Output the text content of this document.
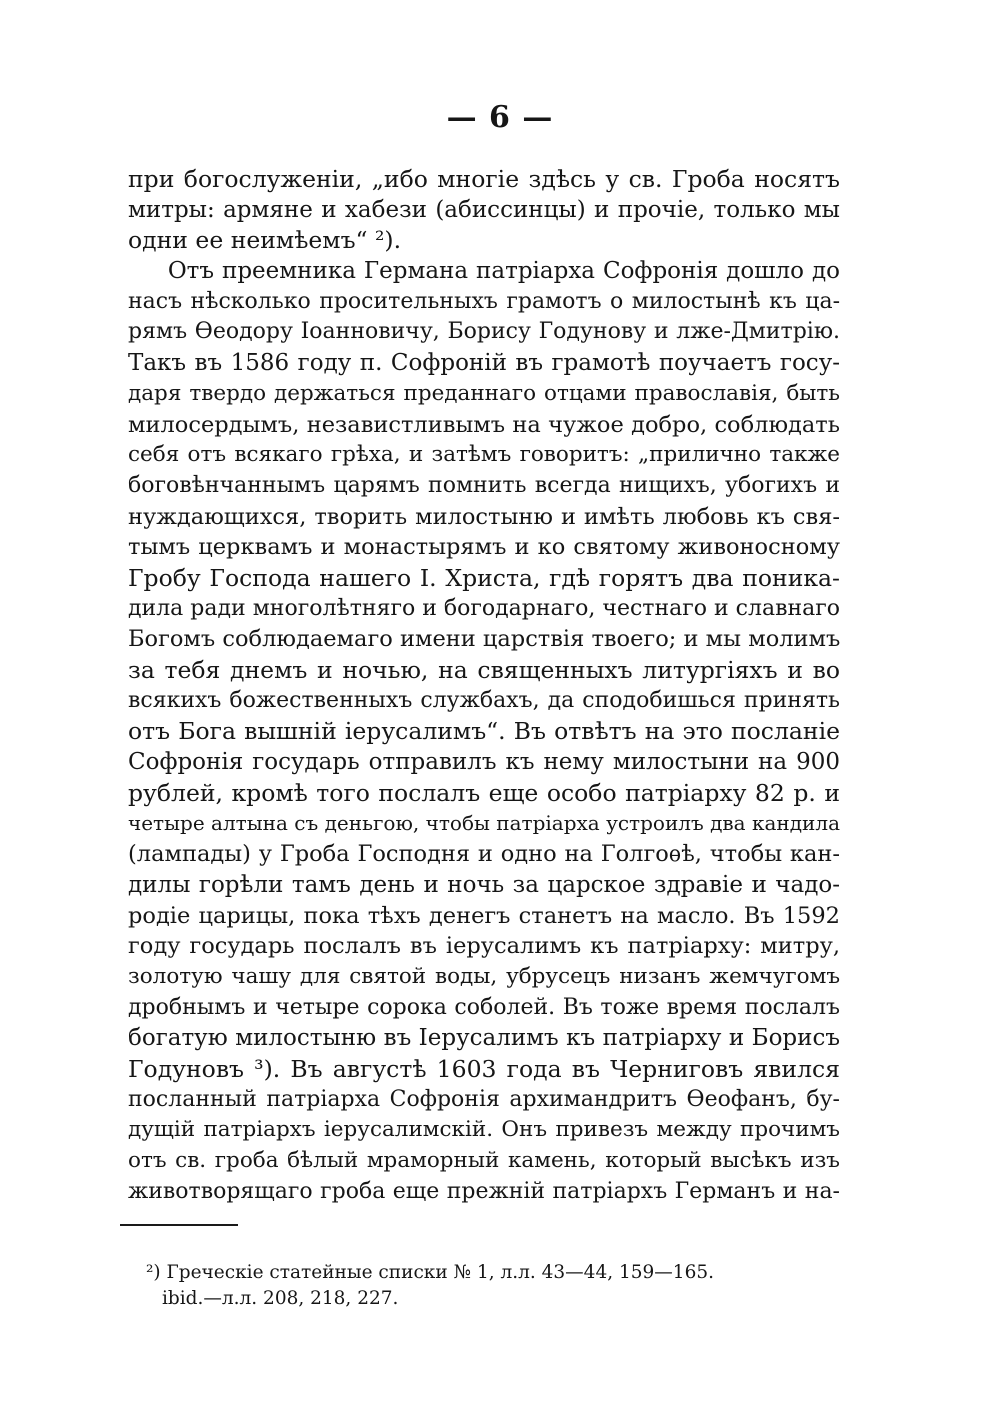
— 6 —
при богослуженіи, „ибо многіе здѣсь у св. Гроба носятъ
митры: армяне и хабези (абиссинцы) и прочіе, только мы
одни ее неимѣемъ“ ²).
Отъ преемника Германа патріарха Софронія дошло до
насъ нѣсколько просительныхъ грамотъ о милостынѣ къ ца-
рямъ Ѳеодору Іоанновичу, Борису Годунову и лже-Дмитрію.
Такъ въ 1586 году п. Софроній въ грамотѣ поучаетъ госу-
даря твердо держаться преданнаго отцами православія, быть
милосердымъ, независтливымъ на чужое добро, соблюдать
себя отъ всякаго грѣха, и затѣмъ говоритъ: „прилично также
боговѣнчаннымъ царямъ помнить всегда нищихъ, убогихъ и
нуждающихся, творить милостыню и имѣть любовь къ свя-
тымъ церквамъ и монастырямъ и ко святому живоносному
Гробу Господа нашего І. Христа, гдѣ горятъ два поника-
дила ради многолѣтняго и богодарнаго, честнаго и славнаго
Богомъ соблюдаемаго имени царствія твоего; и мы молимъ
за тебя днемъ и ночью, на священныхъ литургіяхъ и во
всякихъ божественныхъ службахъ, да сподобишься принять
отъ Бога вышній іерусалимъ“. Въ отвѣтъ на это посланіе
Софронія государь отправилъ къ нему милостыни на 900
рублей, кромѣ того послалъ еще особо патріарху 82 р. и
четыре алтына съ деньгою, чтобы патріарха устроилъ два кандила
(лампады) у Гроба Господня и одно на Голгоѳѣ, чтобы кан-
дилы горѣли тамъ день и ночь за царское здравіе и чадо-
родіе царицы, пока тѣхъ денегъ станетъ на масло. Въ 1592
году государь послалъ въ іерусалимъ къ патріарху: митру,
золотую чашу для святой воды, убрусецъ низанъ жемчугомъ
дробнымъ и четыре сорока соболей. Въ тоже время послалъ
богатую милостыню въ Іерусалимъ къ патріарху и Борисъ
Годуновъ ³). Въ августѣ 1603 года въ Черниговъ явился
посланный патріарха Софронія архимандритъ Ѳеофанъ, бу-
дущій патріархъ іерусалимскій. Онъ привезъ между прочимъ
отъ св. гроба бѣлый мраморный камень, который высѣкъ изъ
животворящаго гроба еще прежній патріархъ Германъ и на-
²) Греческіе статейные списки № 1, л.л. 43—44, 159—165.
ibid.—л.л. 208, 218, 227.
